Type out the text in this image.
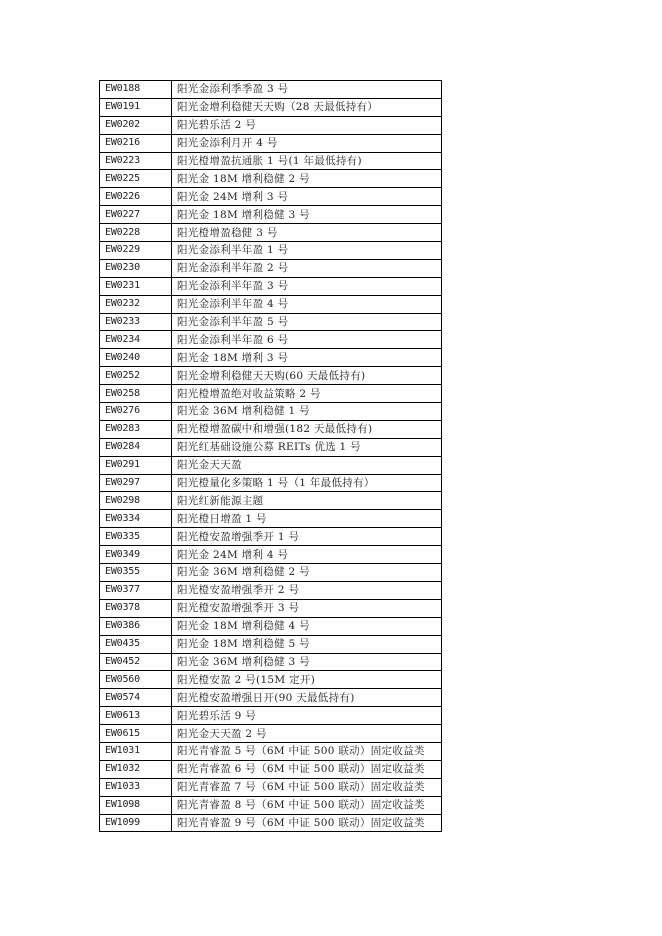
EW0188	阳光金添利季季盈 3 号
EW0191	阳光金增利稳健天天购（28 天最低持有）
EW0202	阳光碧乐活 2 号
EW0216	阳光金添利月开 4 号
EW0223	阳光橙增盈抗通胀 1 号(1 年最低持有)
EW0225	阳光金 18M 增利稳健 2 号
EW0226	阳光金 24M 增利 3 号
EW0227	阳光金 18M 增利稳健 3 号
EW0228	阳光橙增盈稳健 3 号
EW0229	阳光金添利半年盈 1 号
EW0230	阳光金添利半年盈 2 号
EW0231	阳光金添利半年盈 3 号
EW0232	阳光金添利半年盈 4 号
EW0233	阳光金添利半年盈 5 号
EW0234	阳光金添利半年盈 6 号
EW0240	阳光金 18M 增利 3 号
EW0252	阳光金增利稳健天天购(60 天最低持有)
EW0258	阳光橙增盈绝对收益策略 2 号
EW0276	阳光金 36M 增利稳健 1 号
EW0283	阳光橙增盈碳中和增强(182 天最低持有)
EW0284	阳光红基础设施公募 REITs 优选 1 号
EW0291	阳光金天天盈
EW0297	阳光橙量化多策略 1 号（1 年最低持有）
EW0298	阳光红新能源主题
EW0334	阳光橙日增盈 1 号
EW0335	阳光橙安盈增强季开 1 号
EW0349	阳光金 24M 增利 4 号
EW0355	阳光金 36M 增利稳健 2 号
EW0377	阳光橙安盈增强季开 2 号
EW0378	阳光橙安盈增强季开 3 号
EW0386	阳光金 18M 增利稳健 4 号
EW0435	阳光金 18M 增利稳健 5 号
EW0452	阳光金 36M 增利稳健 3 号
EW0560	阳光橙安盈 2 号(15M 定开)
EW0574	阳光橙安盈增强日开(90 天最低持有)
EW0613	阳光碧乐活 9 号
EW0615	阳光金天天盈 2 号
EW1031	阳光青睿盈 5 号（6M 中证 500 联动）固定收益类
EW1032	阳光青睿盈 6 号（6M 中证 500 联动）固定收益类
EW1033	阳光青睿盈 7 号（6M 中证 500 联动）固定收益类
EW1098	阳光青睿盈 8 号（6M 中证 500 联动）固定收益类
EW1099	阳光青睿盈 9 号（6M 中证 500 联动）固定收益类
